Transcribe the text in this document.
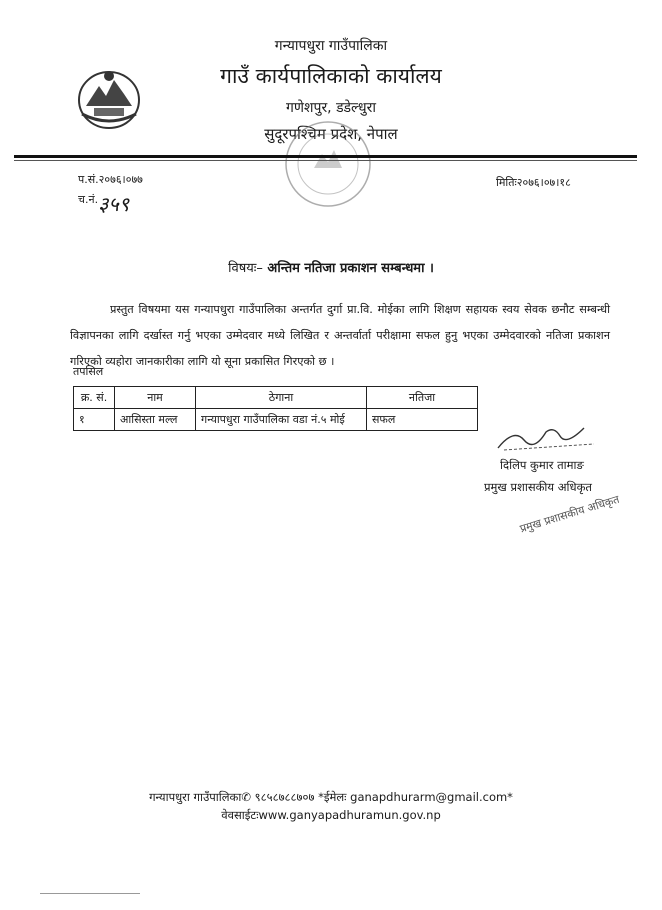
गन्यापधुरा गाउँपालिका
गाउँ कार्यपालिकाको कार्यालय
गणेशपुर, डडेल्धुरा
सुदूरपश्चिम प्रदेश, नेपाल
प.सं.२०७६।०७७
च.नं. ३५९
मितिः२०७६।०७।१८
विषयः– अन्तिम नतिजा प्रकाशन सम्बन्धमा ।
प्रस्तुत विषयमा यस गन्यापधुरा गाउँपालिका अन्तर्गत दुर्गा प्रा.वि. मोईका लागि शिक्षण सहायक स्वय सेवक छनौट सम्बन्धी विज्ञापनका लागि दर्खास्त गर्नु भएका उम्मेदवार मध्ये लिखित र अन्तर्वार्ता परीक्षामा सफल हुनु भएका उम्मेदवारको नतिजा प्रकाशन गरिएको व्यहोरा जानकारीका लागि यो सूना प्रकासित गिरएको छ ।
तपसिल
क्र. सं.	नाम	ठेगाना	नतिजा
१	आसिस्ता मल्ल	गन्यापधुरा गाउँपालिका वडा नं.५ मोई	सफल
दिलिप कुमार तामाङ
प्रमुख प्रशासकीय अधिकृत
प्रमुख प्रशासकीय अधिकृत
गन्यापधुरा गाउँपालिका✆ ९८५८७८८७०७ *ईमेलः ganapdhurarm@gmail.com*
वेवसाईटःwww.ganyapadhuramun.gov.np
